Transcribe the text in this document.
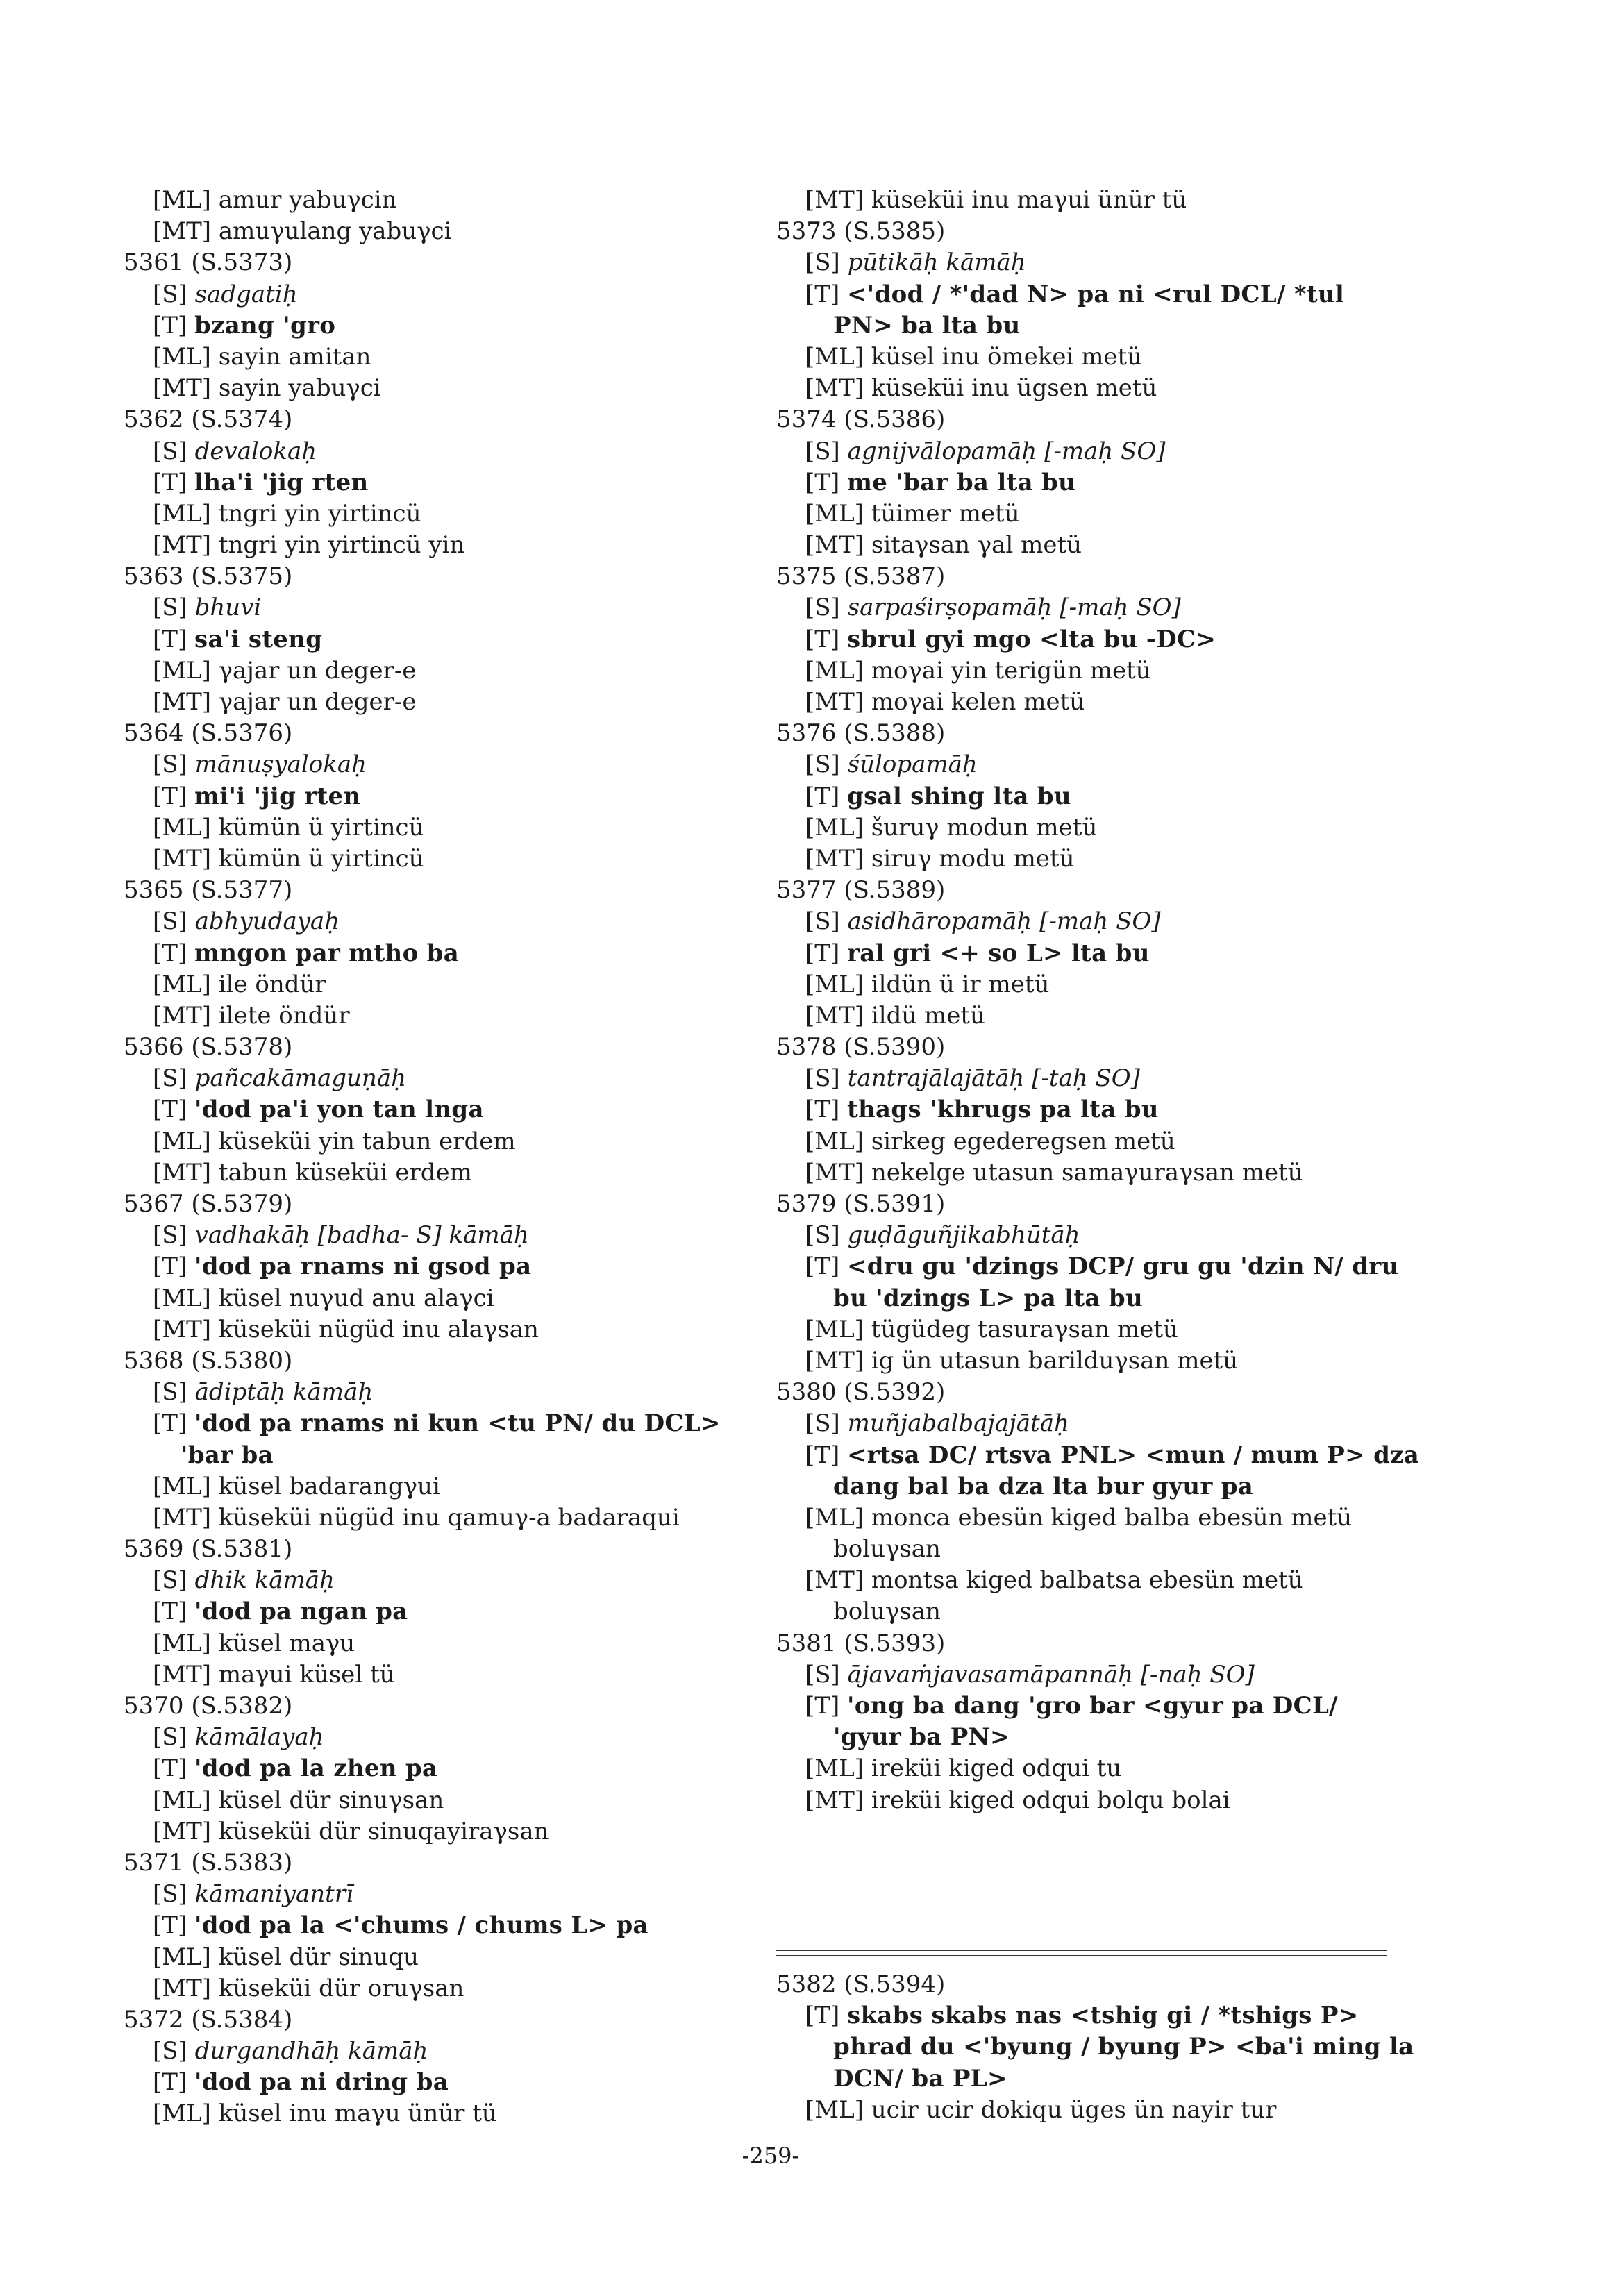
[ML] amur yabuγcin
[MT] amuγulang yabuγci
5361 (S.5373)
[S] sadgatiḥ
[T] bzang 'gro
[ML] sayin amitan
[MT] sayin yabuγci
5362 (S.5374)
[S] devalokaḥ
[T] lha'i 'jig rten
[ML] tngri yin yirtincü
[MT] tngri yin yirtincü yin
5363 (S.5375)
[S] bhuvi
[T] sa'i steng
[ML] γajar un deger-e
[MT] γajar un deger-e
5364 (S.5376)
[S] mānuṣyalokaḥ
[T] mi'i 'jig rten
[ML] kümün ü yirtincü
[MT] kümün ü yirtincü
5365 (S.5377)
[S] abhyudayaḥ
[T] mngon par mtho ba
[ML] ile öndür
[MT] ilete öndür
5366 (S.5378)
[S] pañcakāmaguṇāḥ
[T] 'dod pa'i yon tan lnga
[ML] küseküi yin tabun erdem
[MT] tabun küseküi erdem
5367 (S.5379)
[S] vadhakāḥ [badha- S] kāmāḥ
[T] 'dod pa rnams ni gsod pa
[ML] küsel nuγud anu alaγci
[MT] küseküi nügüd inu alaγsan
5368 (S.5380)
[S] ādiptāḥ kāmāḥ
[T] 'dod pa rnams ni kun <tu PN/ du DCL>
'bar ba
[ML] küsel badarangγui
[MT] küseküi nügüd inu qamuγ-a badaraqui
5369 (S.5381)
[S] dhik kāmāḥ
[T] 'dod pa ngan pa
[ML] küsel maγu
[MT] maγui küsel tü
5370 (S.5382)
[S] kāmālayaḥ
[T] 'dod pa la zhen pa
[ML] küsel dür sinuγsan
[MT] küseküi dür sinuqayiraγsan
5371 (S.5383)
[S] kāmaniyantrī
[T] 'dod pa la <'chums / chums L> pa
[ML] küsel dür sinuqu
[MT] küseküi dür oruγsan
5372 (S.5384)
[S] durgandhāḥ kāmāḥ
[T] 'dod pa ni dring ba
[ML] küsel inu maγu ünür tü
[MT] küseküi inu maγui ünür tü
5373 (S.5385)
[S] pūtikāḥ kāmāḥ
[T] <'dod / *'dad N> pa ni <rul DCL/ *tul
PN> ba lta bu
[ML] küsel inu ömekei metü
[MT] küseküi inu ügsen metü
5374 (S.5386)
[S] agnijvālopamāḥ [-maḥ SO]
[T] me 'bar ba lta bu
[ML] tüimer metü
[MT] sitaγsan γal metü
5375 (S.5387)
[S] sarpaśirṣopamāḥ [-maḥ SO]
[T] sbrul gyi mgo <lta bu -DC>
[ML] moγai yin terigün metü
[MT] moγai kelen metü
5376 (S.5388)
[S] śūlopamāḥ
[T] gsal shing lta bu
[ML] šuruγ modun metü
[MT] siruγ modu metü
5377 (S.5389)
[S] asidhāropamāḥ [-maḥ SO]
[T] ral gri <+ so L> lta bu
[ML] ildün ü ir metü
[MT] ildü metü
5378 (S.5390)
[S] tantrajālajātāḥ [-taḥ SO]
[T] thags 'khrugs pa lta bu
[ML] sirkeg egederegsen metü
[MT] nekelge utasun samaγuraγsan metü
5379 (S.5391)
[S] guḍāguñjikabhūtāḥ
[T] <dru gu 'dzings DCP/ gru gu 'dzin N/ dru
bu 'dzings L> pa lta bu
[ML] tügüdeg tasuraγsan metü
[MT] ig ün utasun barilduγsan metü
5380 (S.5392)
[S] muñjabalbajajātāḥ
[T] <rtsa DC/ rtsva PNL> <mun / mum P> dza
dang bal ba dza lta bur gyur pa
[ML] monca ebesün kiged balba ebesün metü
boluγsan
[MT] montsa kiged balbatsa ebesün metü
boluγsan
5381 (S.5393)
[S] ājavaṁjavasamāpannāḥ [-naḥ SO]
[T] 'ong ba dang 'gro bar <gyur pa DCL/
'gyur ba PN>
[ML] ireküi kiged odqui tu
[MT] ireküi kiged odqui bolqu bolai
5382 (S.5394)
[T] skabs skabs nas <tshig gi / *tshigs P>
phrad du <'byung / byung P> <ba'i ming la
DCN/ ba PL>
[ML] ucir ucir dokiqu üges ün nayir tur
-259-
